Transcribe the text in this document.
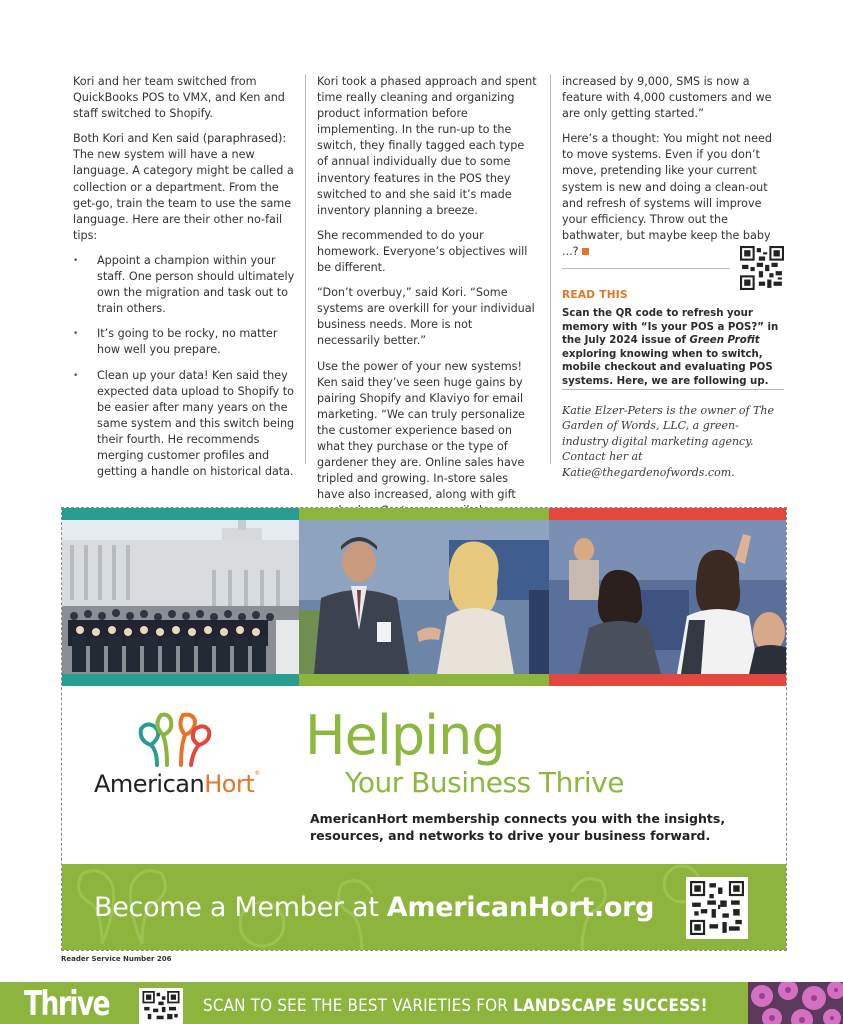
Kori and her team switched from QuickBooks POS to VMX, and Ken and staff switched to Shopify.

Both Kori and Ken said (paraphrased): The new system will have a new language. A category might be called a collection or a department. From the get-go, train the team to use the same language. Here are their other no-fail tips:

• Appoint a champion within your staff. One person should ultimately own the migration and task out to train others.
• It’s going to be rocky, no matter how well you prepare.
• Clean up your data! Ken said they expected data upload to Shopify to be easier after many years on the same system and this switch being their fourth. He recommends merging customer profiles and getting a handle on historical data.

Kori took a phased approach and spent time really cleaning and organizing product information before implementing. In the run-up to the switch, they finally tagged each type of annual individually due to some inventory features in the POS they switched to and she said it’s made inventory planning a breeze.

She recommended to do your homework. Everyone’s objectives will be different.

“Don’t overbuy,” said Kori. “Some systems are overkill for your individual business needs. More is not necessarily better.”

Use the power of your new systems! Ken said they’ve seen huge gains by pairing Shopify and Klaviyo for email marketing. “We can truly personalize the customer experience based on what they purchase or the type of gardener they are. Online sales have tripled and growing. In-store sales have also increased, along with gift

increased by 9,000, SMS is now a feature with 4,000 customers and we are only getting started.”

Here’s a thought: You might not need to move systems. Even if you don’t move, pretending like your current system is new and doing a clean-out and refresh of systems will improve your efficiency. Throw out the bathwater, but maybe keep the baby ...?

READ THIS
Scan the QR code to refresh your memory with “Is your POS a POS?” in the July 2024 issue of Green Profit exploring knowing when to switch, mobile checkout and evaluating POS systems. Here, we are following up.
Katie Elzer-Peters is the owner of The Garden of Words, LLC, a green-industry digital marketing agency. Contact her at Katie@thegardenofwords.com.
AmericanHort®
Helping
Your Business Thrive
AmericanHort membership connects you with the insights, resources, and networks to drive your business forward.
Become a Member at AmericanHort.org
Reader Service Number 206
Thrive	SCAN TO SEE THE BEST VARIETIES FOR LANDSCAPE SUCCESS!
